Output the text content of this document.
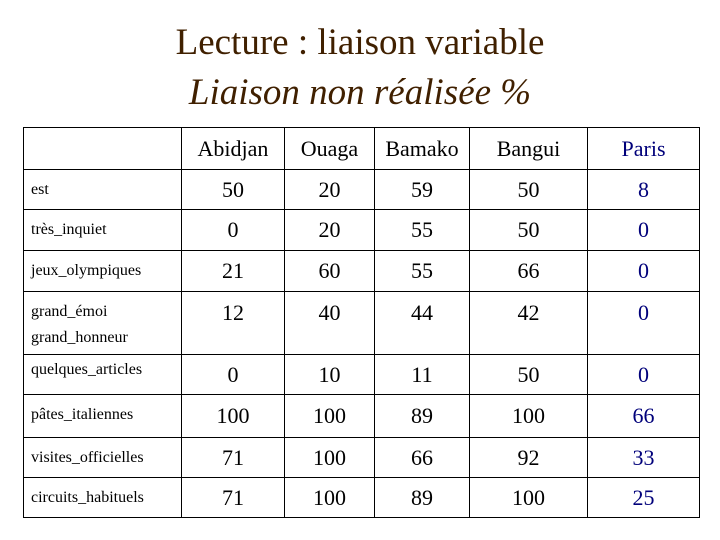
Lecture : liaison variable
Liaison non réalisée %
	Abidjan	Ouaga	Bamako	Bangui	Paris
est	50	20	59	50	8
très_inquiet	0	20	55	50	0
jeux_olympiques	21	60	55	66	0

grand_émoi
grand_honneur	12	40	44	42	0
quelques_articles	0	10	11	50	0
pâtes_italiennes	100	100	89	100	66
visites_officielles	71	100	66	92	33
circuits_habituels	71	100	89	100	25
